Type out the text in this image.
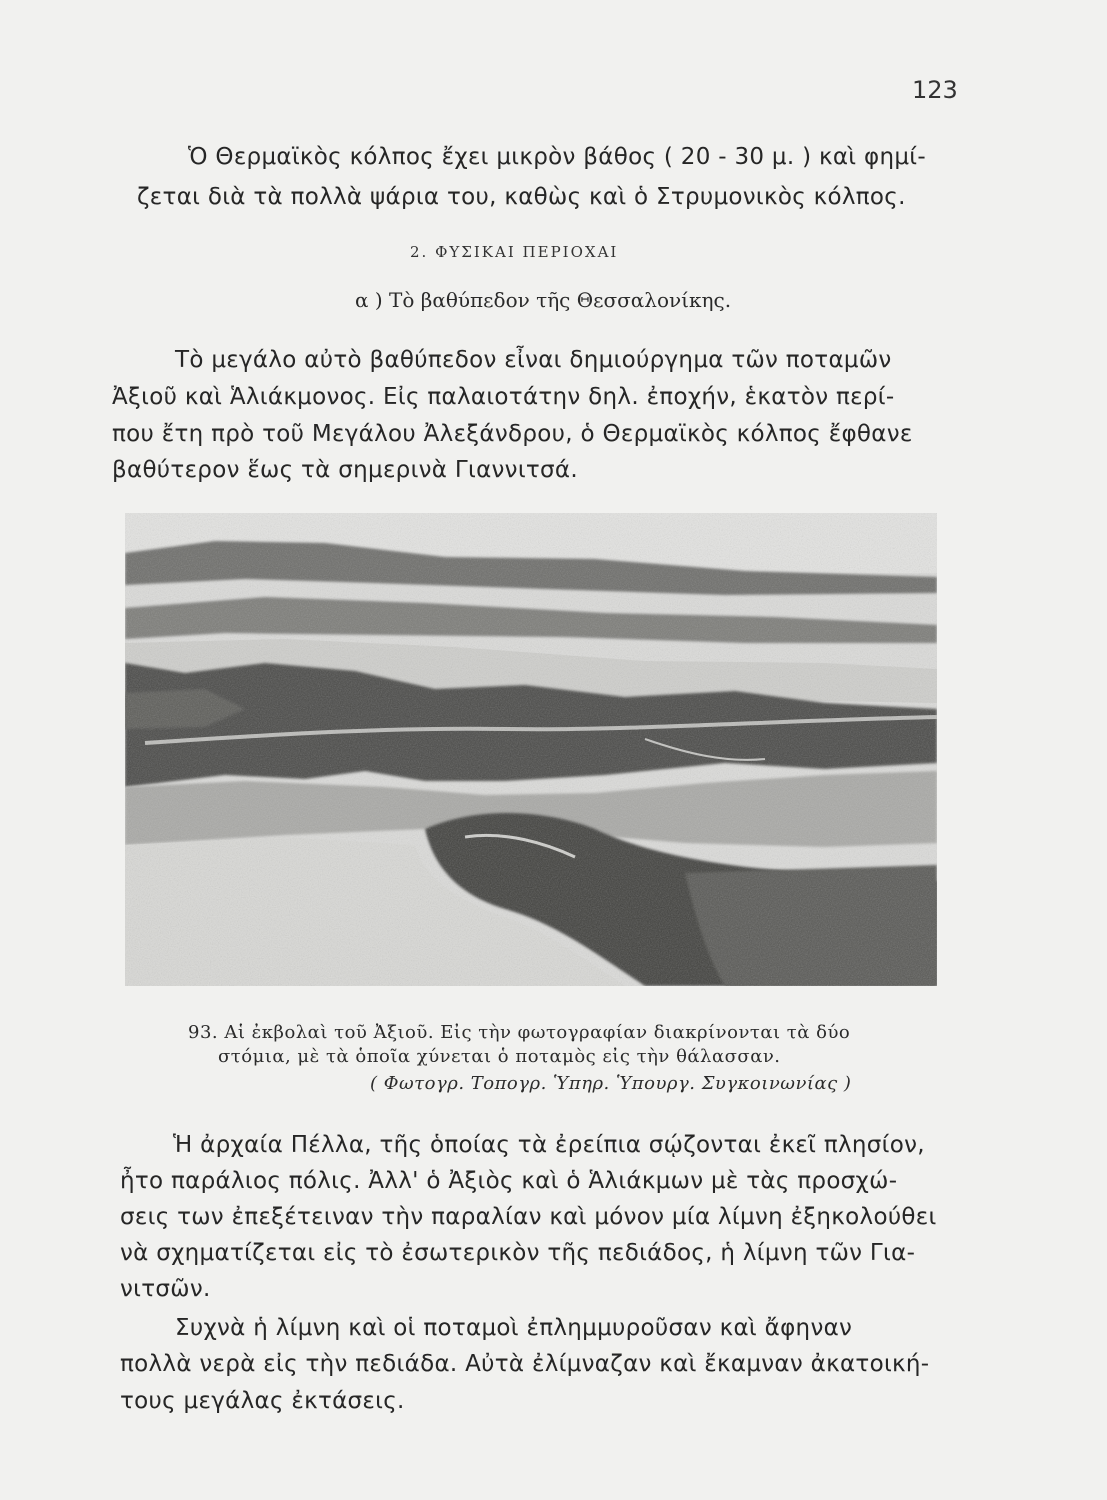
123
Ὁ Θερμαϊκὸς κόλπος ἔχει μικρὸν βάθος ( 20 - 30 μ. ) καὶ φημί-
ζεται διὰ τὰ πολλὰ ψάρια του, καθὼς καὶ ὁ Στρυμονικὸς κόλπος.
2. ΦΥΣΙΚΑΙ ΠΕΡΙΟΧΑΙ
α ) Τὸ βαθύπεδον τῆς Θεσσαλονίκης.
Τὸ μεγάλο αὐτὸ βαθύπεδον εἶναι δημιούργημα τῶν ποταμῶν
Ἀξιοῦ καὶ Ἁλιάκμονος. Εἰς παλαιοτάτην δηλ. ἐποχήν, ἑκατὸν περί-
που ἔτη πρὸ τοῦ Μεγάλου Ἀλεξάνδρου, ὁ Θερμαϊκὸς κόλπος ἔφθανε
βαθύτερον ἕως τὰ σημερινὰ Γιαννιτσά.
93. Αἱ ἐκβολαὶ τοῦ Ἀξιοῦ. Εἰς τὴν φωτογραφίαν διακρίνονται τὰ δύο
στόμια, μὲ τὰ ὁποῖα χύνεται ὁ ποταμὸς εἰς τὴν θάλασσαν.
( Φωτογρ. Τοπογρ. Ὑπηρ. Ὑπουργ. Συγκοινωνίας )
Ἡ ἀρχαία Πέλλα, τῆς ὁποίας τὰ ἐρείπια σῴζονται ἐκεῖ πλησίον,
ἦτο παράλιος πόλις. Ἀλλ' ὁ Ἀξιὸς καὶ ὁ Ἁλιάκμων μὲ τὰς προσχώ-
σεις των ἐπεξέτειναν τὴν παραλίαν καὶ μόνον μία λίμνη ἐξηκολούθει
νὰ σχηματίζεται εἰς τὸ ἐσωτερικὸν τῆς πεδιάδος, ἡ λίμνη τῶν Για-
νιτσῶν.
Συχνὰ ἡ λίμνη καὶ οἱ ποταμοὶ ἐπλημμυροῦσαν καὶ ἄφηναν
πολλὰ νερὰ εἰς τὴν πεδιάδα. Αὐτὰ ἐλίμναζαν καὶ ἔκαμναν ἀκατοική-
τους μεγάλας ἐκτάσεις.
